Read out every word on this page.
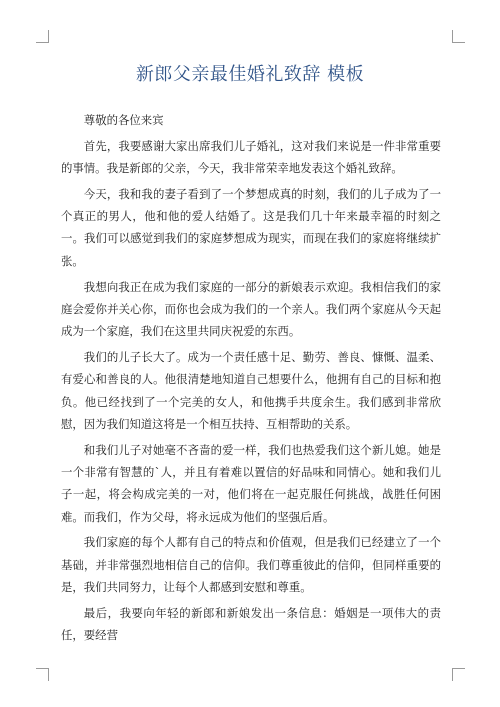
新郎父亲最佳婚礼致辞 模板

尊敬的各位来宾

首先，我要感谢大家出席我们儿子婚礼，这对我们来说是一件非常重要的事情。我是新郎的父亲，今天，我非常荣幸地发表这个婚礼致辞。

今天，我和我的妻子看到了一个梦想成真的时刻，我们的儿子成为了一个真正的男人，他和他的爱人结婚了。这是我们几十年来最幸福的时刻之一。我们可以感觉到我们的家庭梦想成为现实，而现在我们的家庭将继续扩张。

我想向我正在成为我们家庭的一部分的新娘表示欢迎。我相信我们的家庭会爱你并关心你，而你也会成为我们的一个亲人。我们两个家庭从今天起成为一个家庭，我们在这里共同庆祝爱的东西。

我们的儿子长大了。成为一个责任感十足、勤劳、善良、慷慨、温柔、有爱心和善良的人。他很清楚地知道自己想要什么，他拥有自己的目标和抱负。他已经找到了一个完美的女人，和他携手共度余生。我们感到非常欣慰，因为我们知道这将是一个相互扶持、互相帮助的关系。

和我们儿子对她毫不吝啬的爱一样，我们也热爱我们这个新儿媳。她是一个非常有智慧的`人，并且有着难以置信的好品味和同情心。她和我们儿子一起，将会构成完美的一对，他们将在一起克服任何挑战，战胜任何困难。而我们，作为父母，将永远成为他们的坚强后盾。

我们家庭的每个人都有自己的特点和价值观，但是我们已经建立了一个基础，并非常强烈地相信自己的信仰。我们尊重彼此的信仰，但同样重要的是，我们共同努力，让每个人都感到安慰和尊重。

最后，我要向年轻的新郎和新娘发出一条信息：婚姻是一项伟大的责任，要经营
